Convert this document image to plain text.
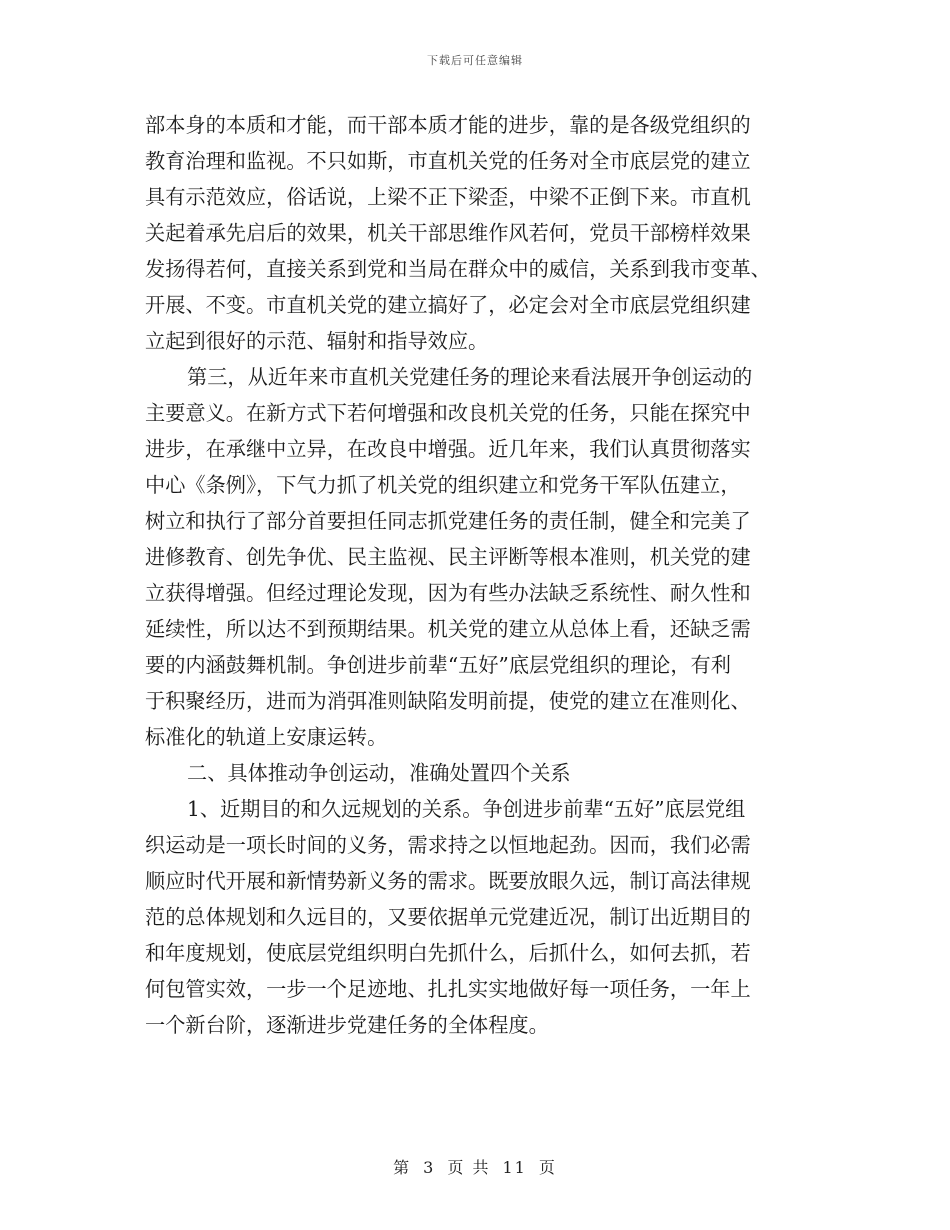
下载后可任意编辑
部本身的本质和才能，而干部本质才能的进步，靠的是各级党组织的
教育治理和监视。不只如斯，市直机关党的任务对全市底层党的建立
具有示范效应，俗话说，上梁不正下梁歪，中梁不正倒下来。市直机
关起着承先启后的效果，机关干部思维作风若何，党员干部榜样效果
发扬得若何，直接关系到党和当局在群众中的威信，关系到我市变革、
开展、不变。市直机关党的建立搞好了，必定会对全市底层党组织建
立起到很好的示范、辐射和指导效应。
第三，从近年来市直机关党建任务的理论来看法展开争创运动的
主要意义。在新方式下若何增强和改良机关党的任务，只能在探究中
进步，在承继中立异，在改良中增强。近几年来，我们认真贯彻落实
中心《条例》，下气力抓了机关党的组织建立和党务干军队伍建立，
树立和执行了部分首要担任同志抓党建任务的责任制，健全和完美了
进修教育、创先争优、民主监视、民主评断等根本准则，机关党的建
立获得增强。但经过理论发现，因为有些办法缺乏系统性、耐久性和
延续性，所以达不到预期结果。机关党的建立从总体上看，还缺乏需
要的内涵鼓舞机制。争创进步前辈“五好”底层党组织的理论，有利
于积聚经历，进而为消弭准则缺陷发明前提，使党的建立在准则化、
标准化的轨道上安康运转。
二、具体推动争创运动，准确处置四个关系
1、近期目的和久远规划的关系。争创进步前辈“五好”底层党组
织运动是一项长时间的义务，需求持之以恒地起劲。因而，我们必需
顺应时代开展和新情势新义务的需求。既要放眼久远，制订高法律规
范的总体规划和久远目的，又要依据单元党建近况，制订出近期目的
和年度规划，使底层党组织明白先抓什么，后抓什么，如何去抓，若
何包管实效，一步一个足迹地、扎扎实实地做好每一项任务，一年上
一个新台阶，逐渐进步党建任务的全体程度。
第 3 页 共 11 页
